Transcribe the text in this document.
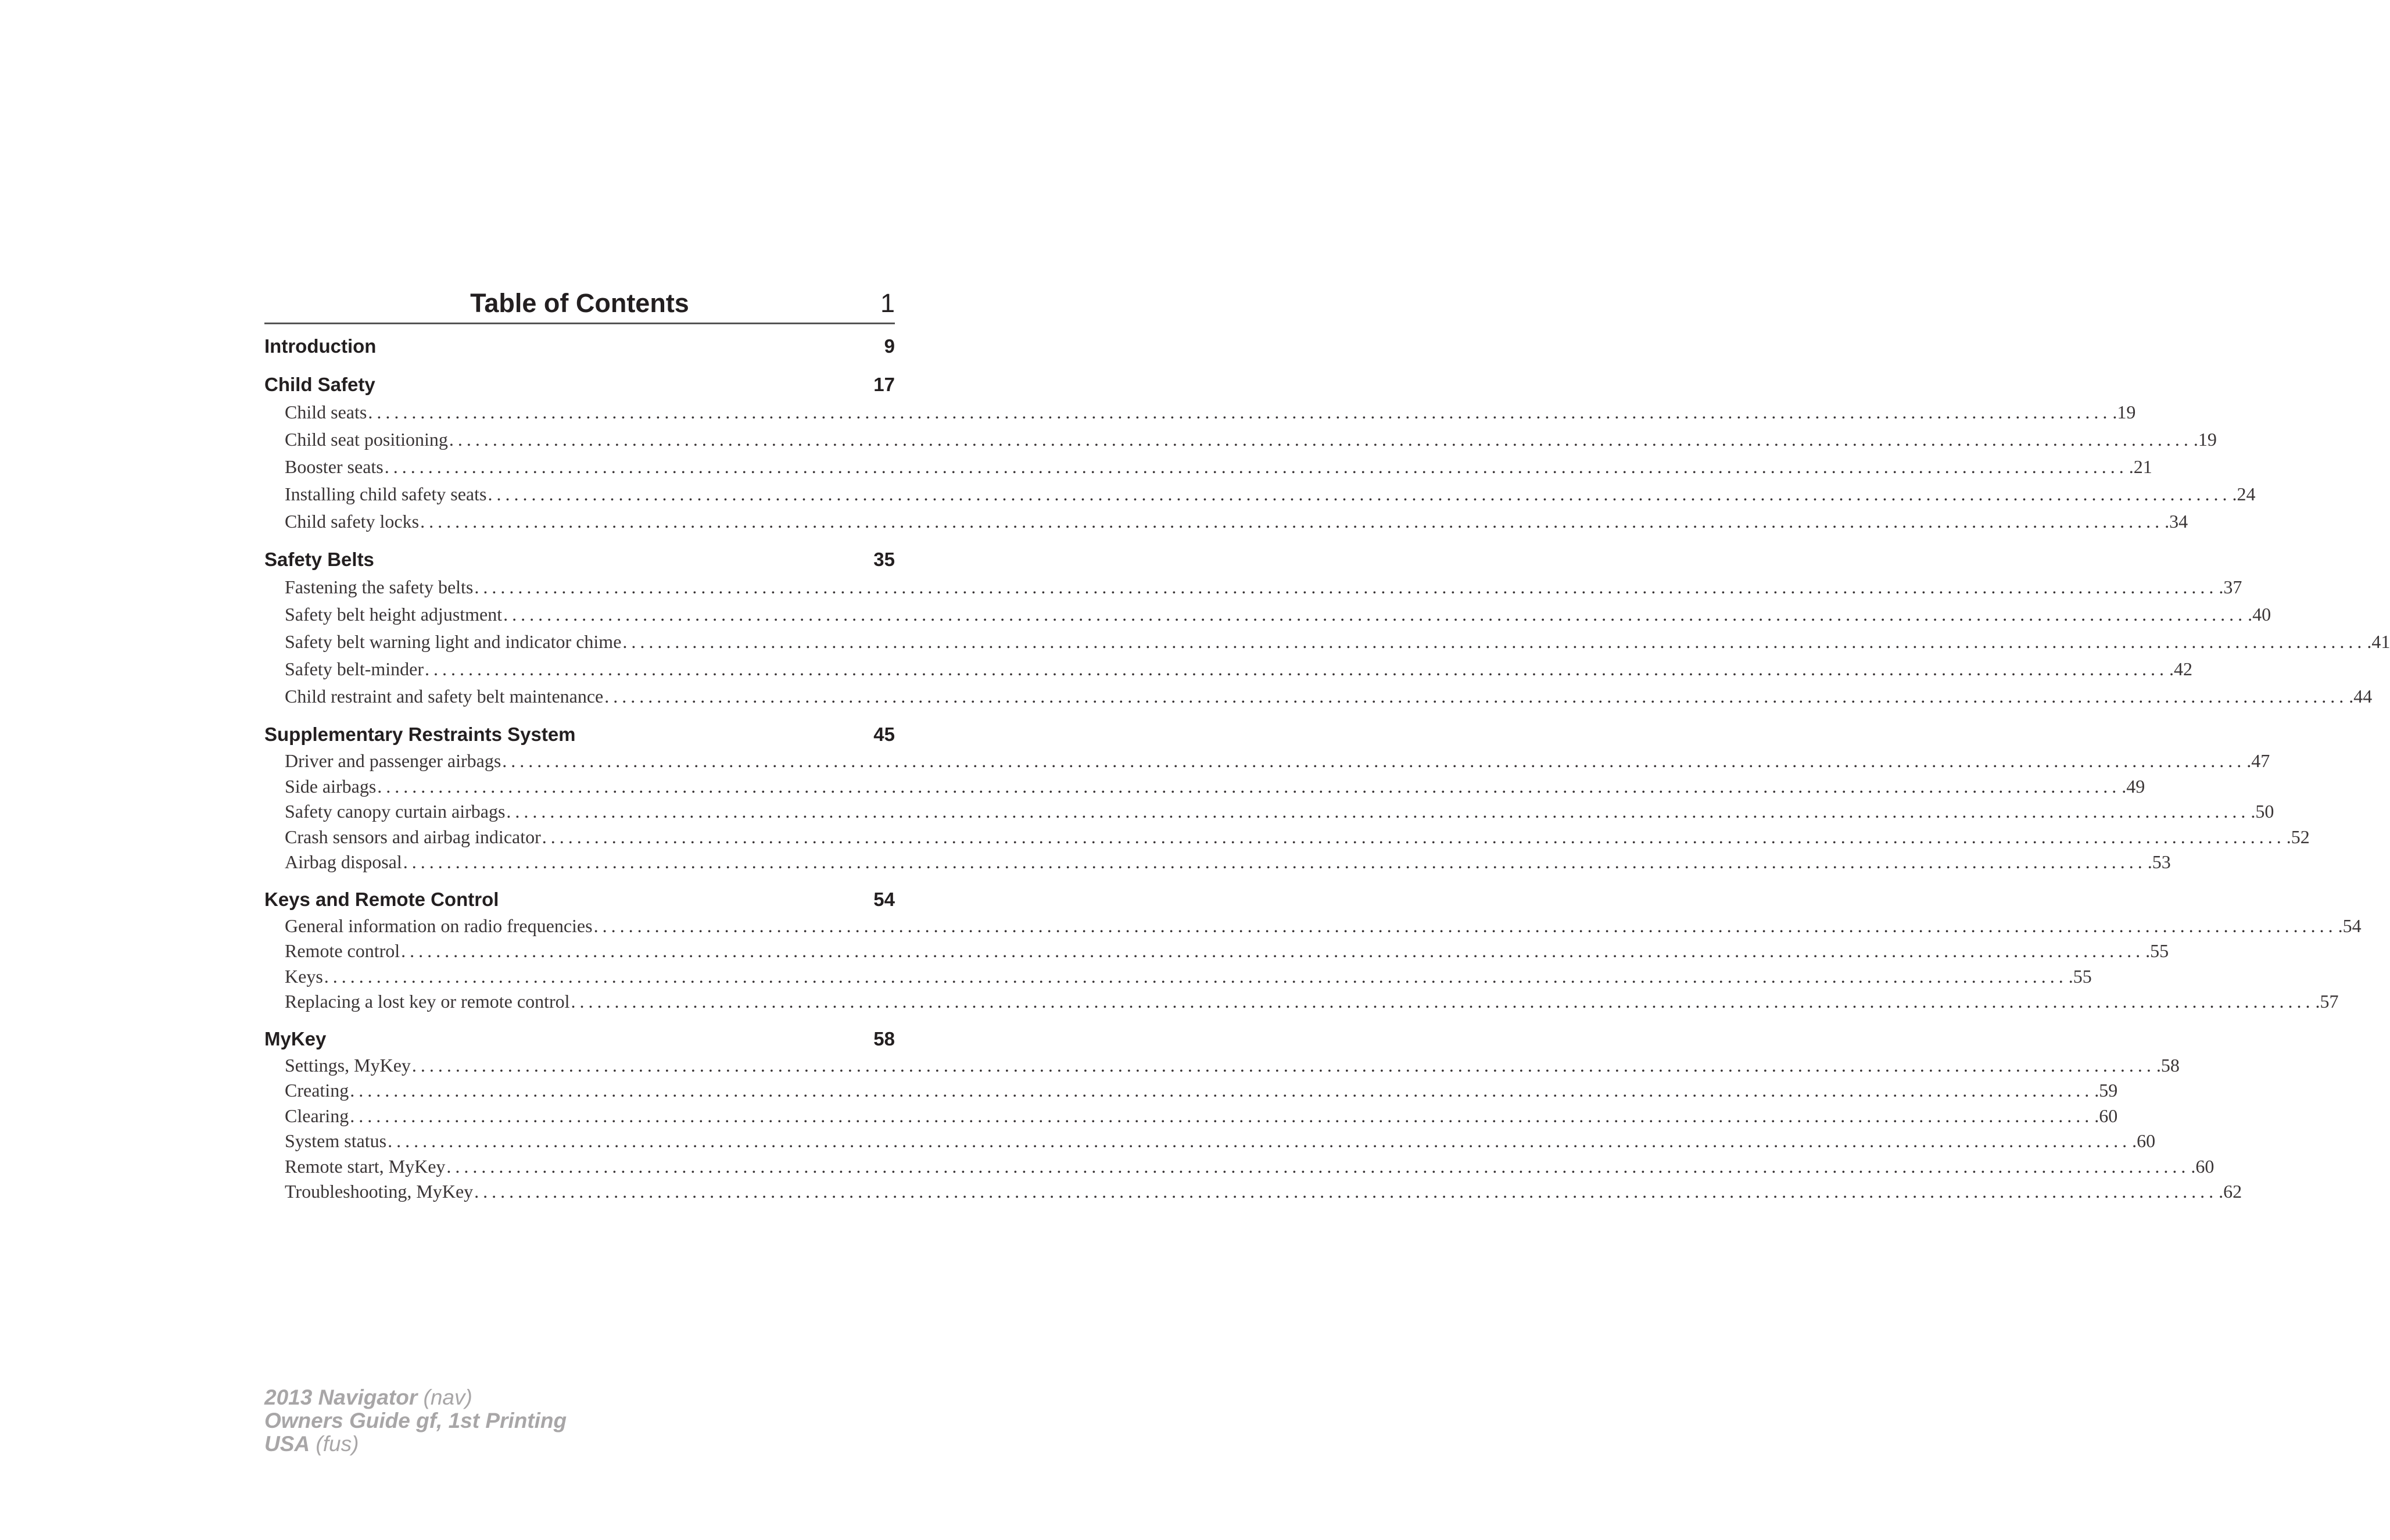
Table of Contents	1
Introduction	9
Child Safety	17
Child seats ........................................................................................................................................................................................................ .19
Child seat positioning ........................................................................................................................................................................................................ .19
Booster seats ........................................................................................................................................................................................................ .21
Installing child safety seats ........................................................................................................................................................................................................ .24
Child safety locks ........................................................................................................................................................................................................ .34
Safety Belts	35
Fastening the safety belts ........................................................................................................................................................................................................ .37
Safety belt height adjustment ........................................................................................................................................................................................................ .40
Safety belt warning light and indicator chime ........................................................................................................................................................................................................ .41
Safety belt-minder ........................................................................................................................................................................................................ .42
Child restraint and safety belt maintenance ........................................................................................................................................................................................................ .44
Supplementary Restraints System	45
Driver and passenger airbags ........................................................................................................................................................................................................ .47
Side airbags ........................................................................................................................................................................................................ .49
Safety canopy curtain airbags ........................................................................................................................................................................................................ .50
Crash sensors and airbag indicator ........................................................................................................................................................................................................ .52
Airbag disposal ........................................................................................................................................................................................................ .53
Keys and Remote Control	54
General information on radio frequencies ........................................................................................................................................................................................................ .54
Remote control ........................................................................................................................................................................................................ .55
Keys ........................................................................................................................................................................................................ .55
Replacing a lost key or remote control ........................................................................................................................................................................................................ .57
MyKey	58
Settings, MyKey ........................................................................................................................................................................................................ .58
Creating ........................................................................................................................................................................................................ .59
Clearing ........................................................................................................................................................................................................ .60
System status ........................................................................................................................................................................................................ .60
Remote start, MyKey ........................................................................................................................................................................................................ .60
Troubleshooting, MyKey ........................................................................................................................................................................................................ .62
2013 Navigator (nav)
Owners Guide gf, 1st Printing
USA (fus)
